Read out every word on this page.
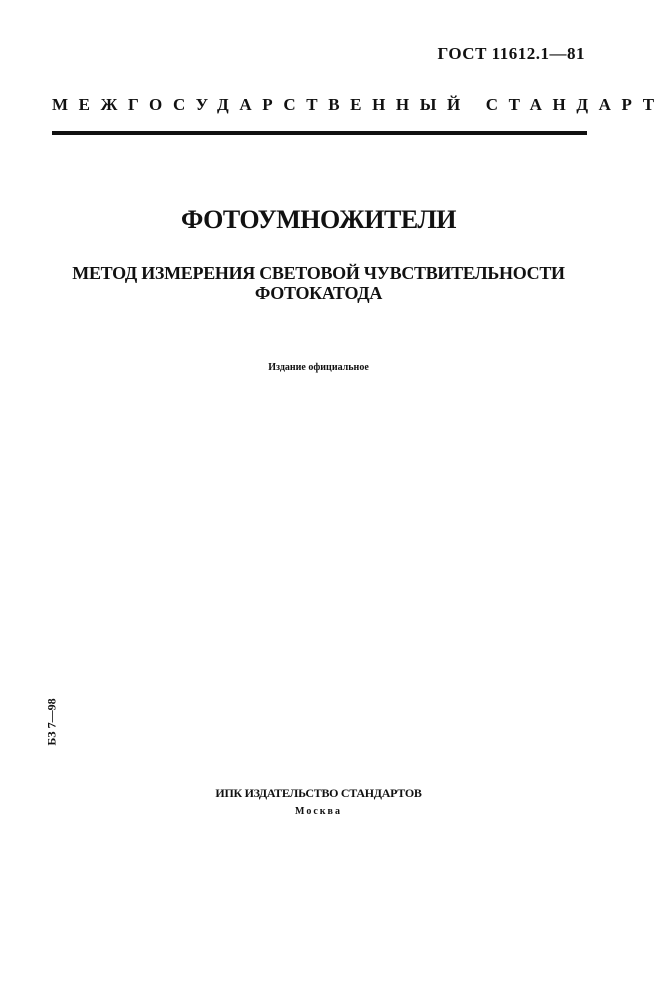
ГОСТ 11612.1—81
МЕЖГОСУДАРСТВЕННЫЙ СТАНДАРТ
ФОТОУМНОЖИТЕЛИ
МЕТОД ИЗМЕРЕНИЯ СВЕТОВОЙ ЧУВСТВИТЕЛЬНОСТИ
ФОТОКАТОДА
Издание официальное
БЗ 7—98
ИПК ИЗДАТЕЛЬСТВО СТАНДАРТОВ
Москва
